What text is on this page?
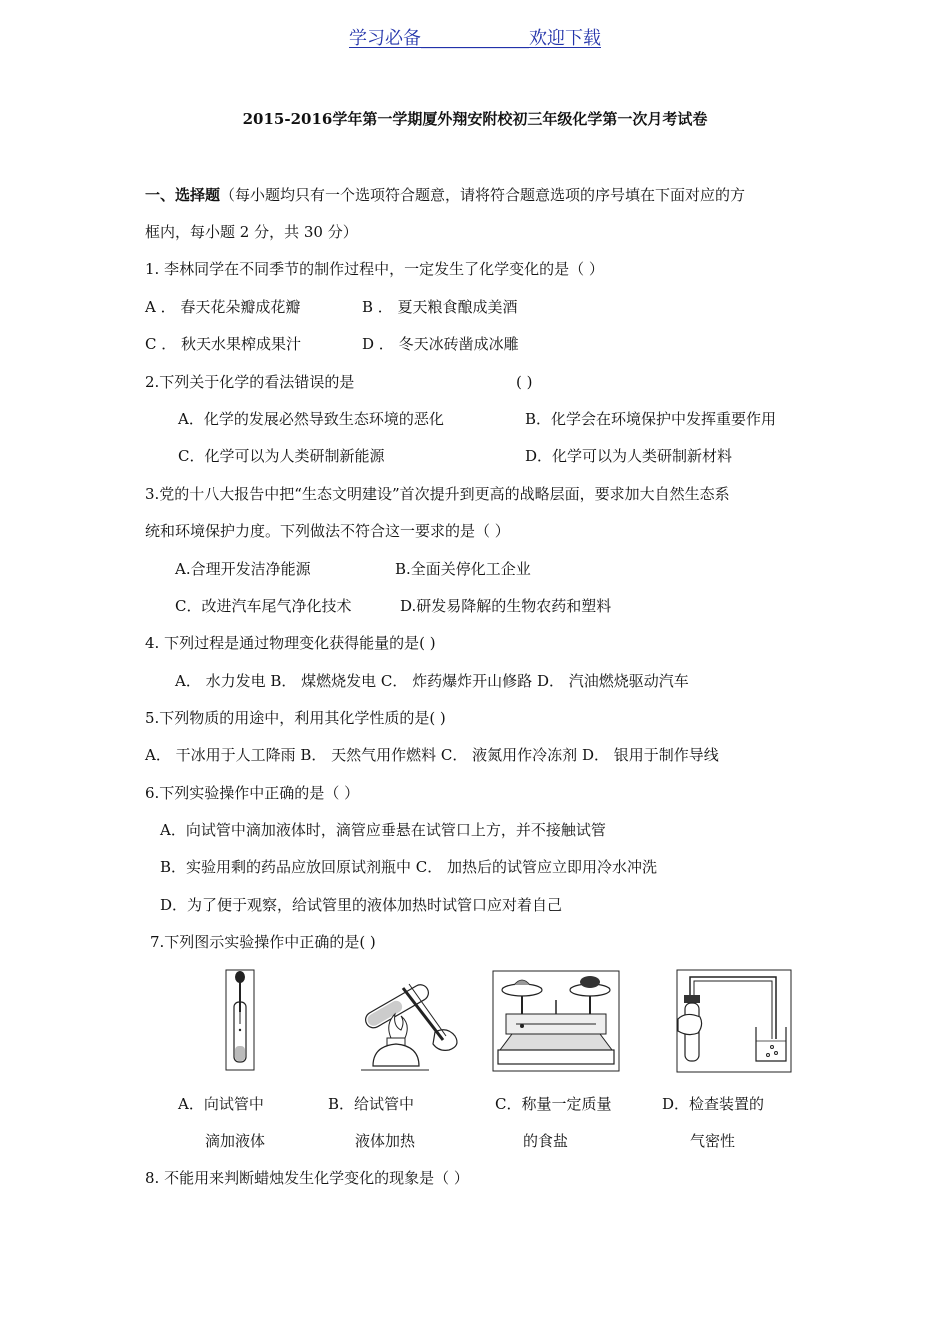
学习必备____________欢迎下载
2015-2016学年第一学期厦外翔安附校初三年级化学第一次月考试卷
一、选择题（每小题均只有一个选项符合题意，请将符合题意选项的序号填在下面对应的方
框内，每小题 2 分，共 30 分）
1. 李林同学在不同季节的制作过程中，一定发生了化学变化的是（ ）
A ． 春天花朵瓣成花瓣	B ． 夏天粮食酿成美酒
C ． 秋天水果榨成果汁	D ． 冬天冰砖凿成冰雕
2.下列关于化学的看法错误的是	( )
A．化学的发展必然导致生态环境的恶化	B．化学会在环境保护中发挥重要作用
C．化学可以为人类研制新能源	D．化学可以为人类研制新材料
3.党的十八大报告中把“生态文明建设”首次提升到更高的战略层面，要求加大自然生态系
统和环境保护力度。下列做法不符合这一要求的是（ ）
A.合理开发洁净能源	B.全面关停化工企业
C．改进汽车尾气净化技术	D.研发易降解的生物农药和塑料
4. 下列过程是通过物理变化获得能量的是( )
A． 水力发电 B． 煤燃烧发电 C． 炸药爆炸开山修路 D． 汽油燃烧驱动汽车
5.下列物质的用途中，利用其化学性质的是( )
A． 干冰用于人工降雨 B． 天然气用作燃料 C． 液氮用作冷冻剂 D． 银用于制作导线
6.下列实验操作中正确的是（ ）
A．向试管中滴加液体时，滴管应垂悬在试管口上方，并不接触试管
B．实验用剩的药品应放回原试剂瓶中 C． 加热后的试管应立即用冷水冲洗
D．为了便于观察，给试管里的液体加热时试管口应对着自己
7.下列图示实验操作中正确的是( )
A．向试管中
滴加液体
B．给试管中
液体加热
C．称量一定质量
的食盐
D．检查装置的
气密性
8. 不能用来判断蜡烛发生化学变化的现象是（ ）
